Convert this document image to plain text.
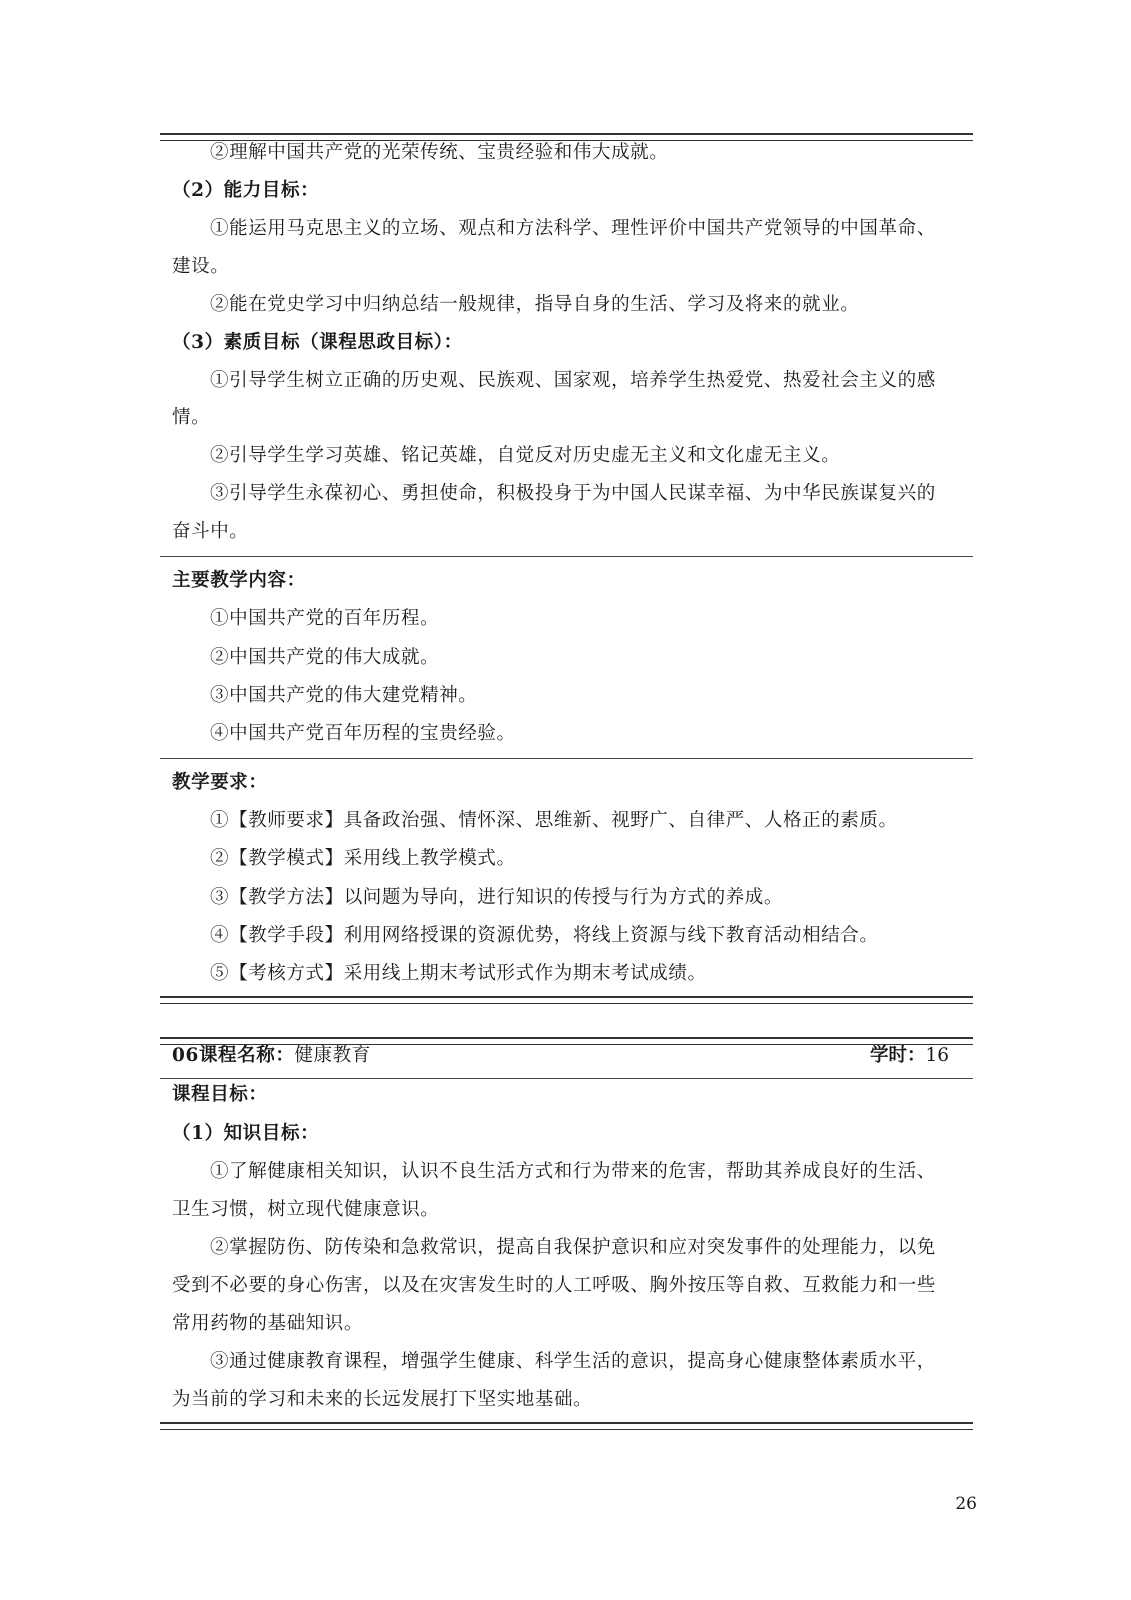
②理解中国共产党的光荣传统、宝贵经验和伟大成就。
（2）能力目标：
①能运用马克思主义的立场、观点和方法科学、理性评价中国共产党领导的中国革命、
建设。
②能在党史学习中归纳总结一般规律，指导自身的生活、学习及将来的就业。
（3）素质目标（课程思政目标）：
①引导学生树立正确的历史观、民族观、国家观，培养学生热爱党、热爱社会主义的感
情。
②引导学生学习英雄、铭记英雄，自觉反对历史虚无主义和文化虚无主义。
③引导学生永葆初心、勇担使命，积极投身于为中国人民谋幸福、为中华民族谋复兴的
奋斗中。
主要教学内容：
①中国共产党的百年历程。
②中国共产党的伟大成就。
③中国共产党的伟大建党精神。
④中国共产党百年历程的宝贵经验。
教学要求：
①【教师要求】具备政治强、情怀深、思维新、视野广、自律严、人格正的素质。
②【教学模式】采用线上教学模式。
③【教学方法】以问题为导向，进行知识的传授与行为方式的养成。
④【教学手段】利用网络授课的资源优势，将线上资源与线下教育活动相结合。
⑤【考核方式】采用线上期末考试形式作为期末考试成绩。
06课程名称：健康教育	学时：16
课程目标：
（1）知识目标：
①了解健康相关知识，认识不良生活方式和行为带来的危害，帮助其养成良好的生活、
卫生习惯，树立现代健康意识。
②掌握防伤、防传染和急救常识，提高自我保护意识和应对突发事件的处理能力，以免
受到不必要的身心伤害，以及在灾害发生时的人工呼吸、胸外按压等自救、互救能力和一些
常用药物的基础知识。
③通过健康教育课程，增强学生健康、科学生活的意识，提高身心健康整体素质水平，
为当前的学习和未来的长远发展打下坚实地基础。
26
